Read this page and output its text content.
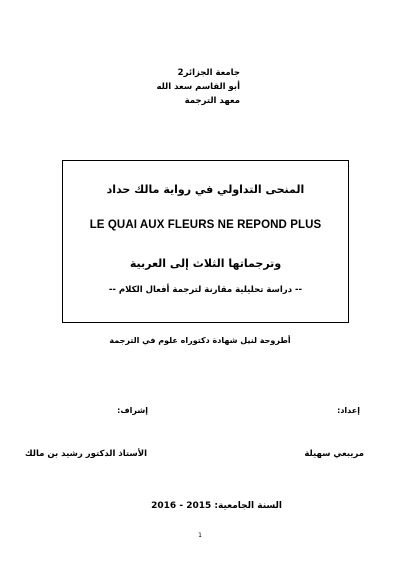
جامعة الجزائر2
أبو القاسم سعد الله
معهد الترجمة
المنحى التداولي في رواية مالك حداد
LE QUAI AUX FLEURS NE REPOND PLUS
وترجماتها الثلاث إلى العربية
-- دراسة تحليلية مقارنة لترجمة أفعال الكلام --
أطروحة لنيل شهادة دكتوراه علوم في الترجمة
إعداد:
إشراف:
مريبعي سهيلة
الأستاذ الدكتور رشيد بن مالك
السنة الجامعية: 2015 - 2016
1
